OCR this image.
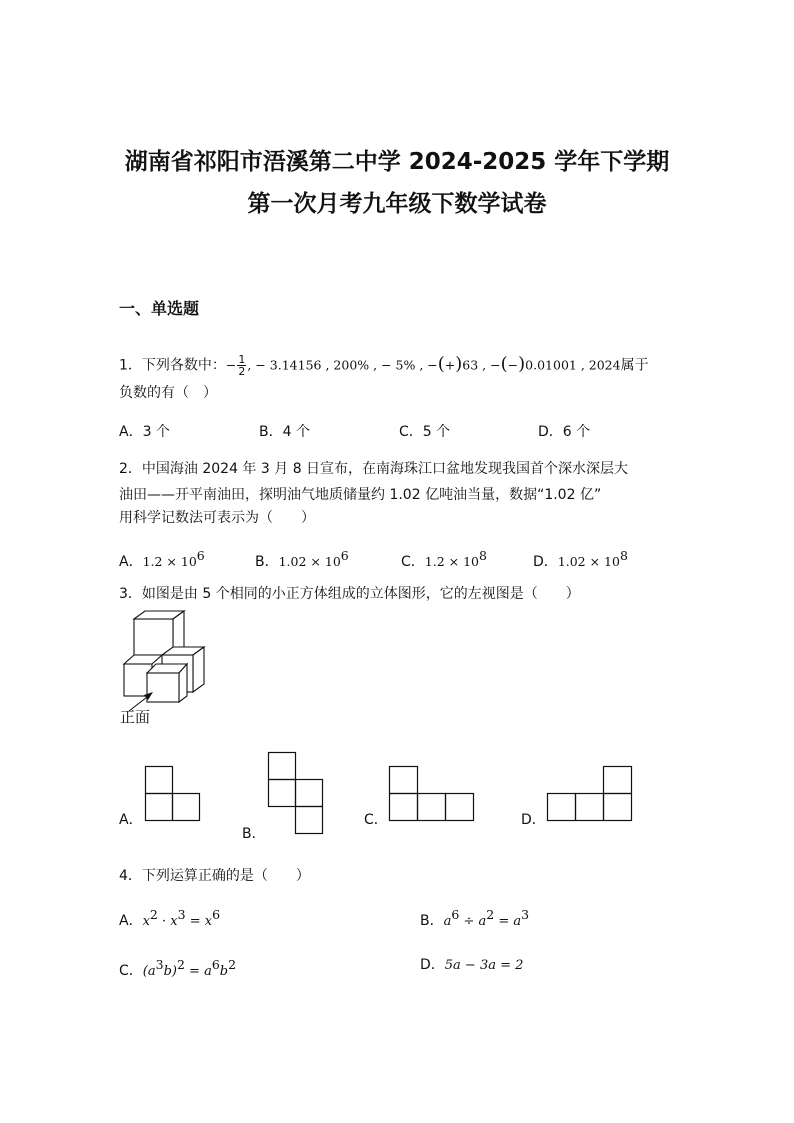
湖南省祁阳市浯溪第二中学 2024-2025 学年下学期
第一次月考九年级下数学试卷
一、单选题
1．下列各数中：− $\frac{1}{2}$ , − 3.14156 , 200% , − 5% , −(+)63 , −(−)0.01001 , 2024属于
负数的有（　）
A．3 个	B．4 个	C．5 个	D．6 个
2．中国海油 2024 年 3 月 8 日宣布，在南海珠江口盆地发现我国首个深水深层大
油田——开平南油田，探明油气地质储量约 1.02 亿吨油当量，数据“1.02 亿”
用科学记数法可表示为（　　）
A．$1.2 \times 10^6$	B．$1.02 \times 10^6$	C．$1.2 \times 10^8$	D．$1.02 \times 10^8$
3．如图是由 5 个相同的小正方体组成的立体图形，它的左视图是（　　）
正面
A．
B．
C．	D．
4．下列运算正确的是（　　）
A．$x^2 \cdot x^3 = x^6$	B．$a^6 \div a^2 = a^3$
C．$(a^3b)^2 = a^6b^2$	D．5a − 3a = 2
